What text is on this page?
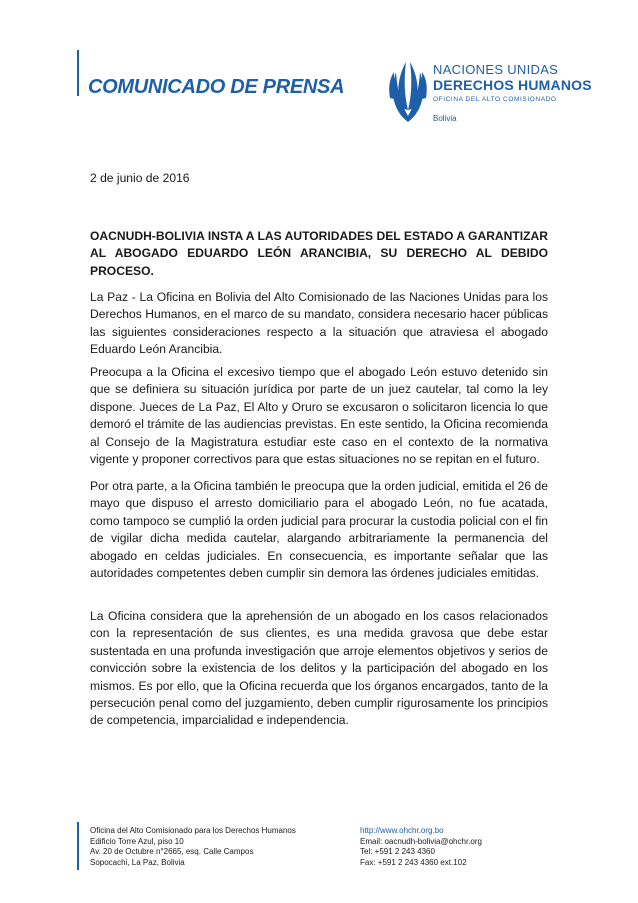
COMUNICADO DE PRENSA
NACIONES UNIDAS
DERECHOS HUMANOS
OFICINA DEL ALTO COMISIONADO
Bolivia
2 de junio de 2016
OACNUDH-BOLIVIA INSTA A LAS AUTORIDADES DEL ESTADO A GARANTIZAR AL ABOGADO EDUARDO LEÓN ARANCIBIA, SU DERECHO AL DEBIDO PROCESO.
La Paz - La Oficina en Bolivia del Alto Comisionado de las Naciones Unidas para los Derechos Humanos, en el marco de su mandato, considera necesario hacer públicas las siguientes consideraciones respecto a la situación que atraviesa el abogado Eduardo León Arancibia.
Preocupa a la Oficina el excesivo tiempo que el abogado León estuvo detenido sin que se definiera su situación jurídica por parte de un juez cautelar, tal como la ley dispone. Jueces de La Paz, El Alto y Oruro se excusaron o solicitaron licencia lo que demoró el trámite de las audiencias previstas. En este sentido, la Oficina recomienda al Consejo de la Magistratura estudiar este caso en el contexto de la normativa vigente y proponer correctivos para que estas situaciones no se repitan en el futuro.
Por otra parte, a la Oficina también le preocupa que la orden judicial, emitida el 26 de mayo que dispuso el arresto domiciliario para el abogado León, no fue acatada, como tampoco se cumplió la orden judicial para procurar la custodia policial con el fin de vigilar dicha medida cautelar, alargando arbitrariamente la permanencia del abogado en celdas judiciales. En consecuencia, es importante señalar que las autoridades competentes deben cumplir sin demora las órdenes judiciales emitidas.
La Oficina considera que la aprehensión de un abogado en los casos relacionados con la representación de sus clientes, es una medida gravosa que debe estar sustentada en una profunda investigación que arroje elementos objetivos y serios de convicción sobre la existencia de los delitos y la participación del abogado en los mismos. Es por ello, que la Oficina recuerda que los órganos encargados, tanto de la persecución penal como del juzgamiento, deben cumplir rigurosamente los principios de competencia, imparcialidad e independencia.
Oficina del Alto Comisionado para los Derechos Humanos
Edificio Torre Azul, piso 10
Av. 20 de Octubre n°2665, esq. Calle Campos
Sopocachi, La Paz, Bolivia
http://www.ohchr.org.bo
Email: oacnudh-bolivia@ohchr.org
Tel: +591 2 243 4360
Fax: +591 2 243 4360 ext.102
